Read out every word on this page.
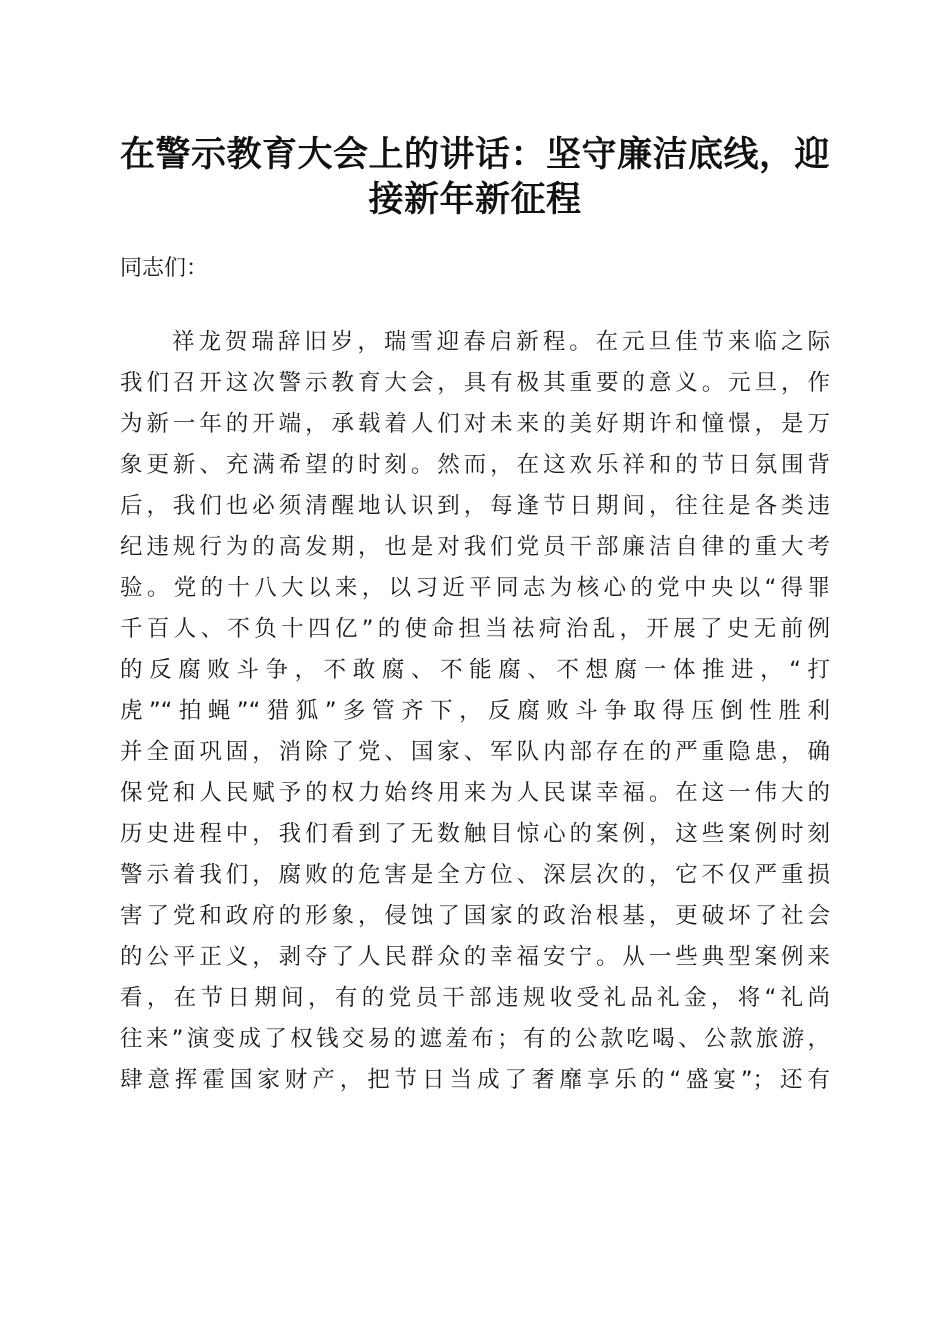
在警示教育大会上的讲话：坚守廉洁底线，迎
接新年新征程
同志们：
祥龙贺瑞辞旧岁，瑞雪迎春启新程。在元旦佳节来临之际
我们召开这次警示教育大会，具有极其重要的意义。元旦，作
为新一年的开端，承载着人们对未来的美好期许和憧憬，是万
象更新、充满希望的时刻。然而，在这欢乐祥和的节日氛围背
后，我们也必须清醒地认识到，每逢节日期间，往往是各类违
纪违规行为的高发期，也是对我们党员干部廉洁自律的重大考
验。党的十八大以来，以习近平同志为核心的党中央以“得罪
千百人、不负十四亿”的使命担当祛疴治乱，开展了史无前例
的反腐败斗争，不敢腐、不能腐、不想腐一体推进，“打
虎”“拍蝇”“猎狐”多管齐下，反腐败斗争取得压倒性胜利
并全面巩固，消除了党、国家、军队内部存在的严重隐患，确
保党和人民赋予的权力始终用来为人民谋幸福。在这一伟大的
历史进程中，我们看到了无数触目惊心的案例，这些案例时刻
警示着我们，腐败的危害是全方位、深层次的，它不仅严重损
害了党和政府的形象，侵蚀了国家的政治根基，更破坏了社会
的公平正义，剥夺了人民群众的幸福安宁。从一些典型案例来
看，在节日期间，有的党员干部违规收受礼品礼金，将“礼尚
往来”演变成了权钱交易的遮羞布；有的公款吃喝、公款旅游，
肆意挥霍国家财产，把节日当成了奢靡享乐的“盛宴”；还有
